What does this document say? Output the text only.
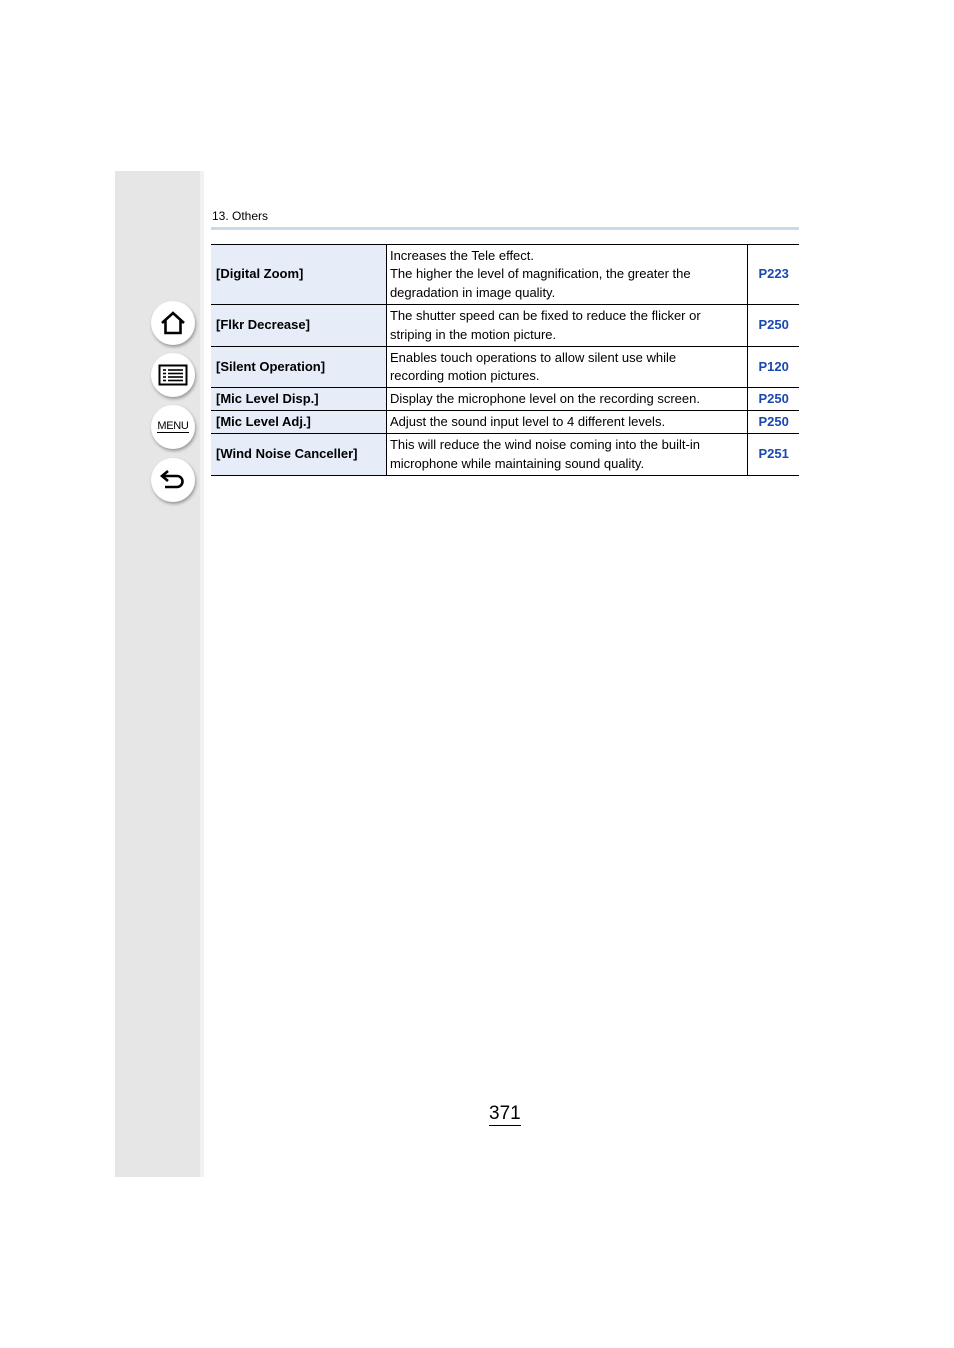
MENU
13. Others
[Digital Zoom]	Increases the Tele effect.
The higher the level of magnification, the greater the
degradation in image quality.	P223
[Flkr Decrease]	The shutter speed can be fixed to reduce the flicker or
striping in the motion picture.	P250
[Silent Operation]	Enables touch operations to allow silent use while
recording motion pictures.	P120
[Mic Level Disp.]	Display the microphone level on the recording screen.	P250
[Mic Level Adj.]	Adjust the sound input level to 4 different levels.	P250
[Wind Noise Canceller]	This will reduce the wind noise coming into the built-in
microphone while maintaining sound quality.	P251
371
